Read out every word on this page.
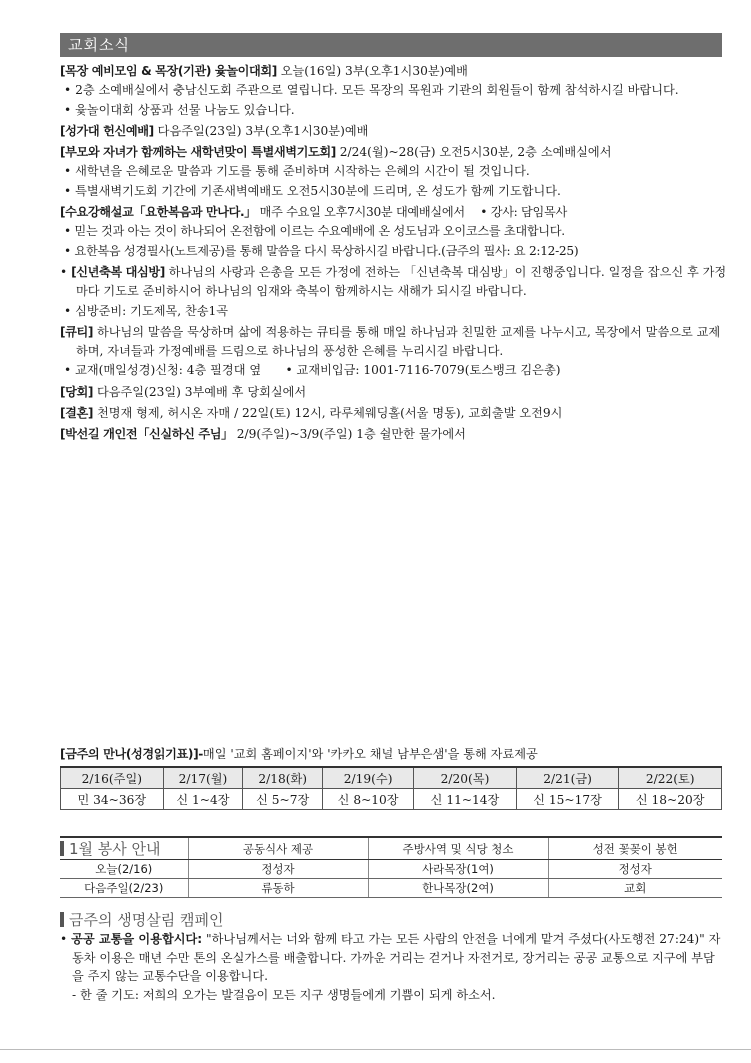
교회소식
[목장 예비모임 & 목장(기관) 윷놀이대회] 오늘(16일) 3부(오후1시30분)예배
• 2층 소예배실에서 충남신도회 주관으로 열립니다. 모든 목장의 목원과 기관의 회원들이 함께 참석하시길 바랍니다.
• 윷놀이대회 상품과 선물 나눔도 있습니다.
[성가대 헌신예배] 다음주일(23일) 3부(오후1시30분)예배
[부모와 자녀가 함께하는 새학년맞이 특별새벽기도회] 2/24(월)~28(금) 오전5시30분, 2층 소예배실에서
• 새학년을 은혜로운 말씀과 기도를 통해 준비하며 시작하는 은혜의 시간이 될 것입니다.
• 특별새벽기도회 기간에 기존새벽예배도 오전5시30분에 드리며, 온 성도가 함께 기도합니다.
[수요강해설교「요한복음과 만나다.」 매주 수요일 오후7시30분 대예배실에서 　• 강사: 담임목사
• 믿는 것과 아는 것이 하나되어 온전함에 이르는 수요예배에 온 성도님과 오이코스를 초대합니다.
• 요한복음 성경필사(노트제공)를 통해 말씀을 다시 묵상하시길 바랍니다.(금주의 필사: 요 2:12-25)
• [신년축복 대심방] 하나님의 사랑과 은총을 모든 가정에 전하는 「신년축복 대심방」이 진행중입니다. 일정을 잡으신 후 가정마다 기도로 준비하시어 하나님의 임재와 축복이 함께하시는 새해가 되시길 바랍니다.
• 심방준비: 기도제목, 찬송1곡
[큐티] 하나님의 말씀을 묵상하며 삶에 적용하는 큐티를 통해 매일 하나님과 친밀한 교제를 나누시고, 목장에서 말씀으로 교제하며, 자녀들과 가정예배를 드림으로 하나님의 풍성한 은혜를 누리시길 바랍니다.
• 교재(매일성경)신청: 4층 필경대 옆　　• 교재비입금: 1001-7116-7079(토스뱅크 김은총)
[당회] 다음주일(23일) 3부예배 후 당회실에서
[결혼] 천명재 형제, 허시온 자매 / 22일(토) 12시, 라루체웨딩홀(서울 명동), 교회출발 오전9시
[박선길 개인전「신실하신 주님」 2/9(주일)~3/9(주일) 1층 쉴만한 물가에서
[금주의 만나(성경읽기표)]-매일 '교회 홈페이지'와 '카카오 채널 남부은샘'을 통해 자료제공
2/16(주일)	2/17(월)	2/18(화)	2/19(수)	2/20(목)	2/21(금)	2/22(토)
민 34~36장	신 1~4장	신 5~7장	신 8~10장	신 11~14장	신 15~17장	신 18~20장
1월 봉사 안내	공동식사 제공	주방사역 및 식당 청소	성전 꽃꽂이 봉헌
오늘(2/16)	정성자	사라목장(1여)	정성자
다음주일(2/23)	류동하	한나목장(2여)	교회
금주의 생명살림 캠페인
• 공공 교통을 이용합시다: "하나님께서는 너와 함께 타고 가는 모든 사람의 안전을 너에게 맡겨 주셨다(사도행전 27:24)" 자동차 이용은 매년 수만 톤의 온실가스를 배출합니다. 가까운 거리는 걷거나 자전거로, 장거리는 공공 교통으로 지구에 부담을 주지 않는 교통수단을 이용합니다.
- 한 줄 기도: 저희의 오가는 발걸음이 모든 지구 생명들에게 기쁨이 되게 하소서.
